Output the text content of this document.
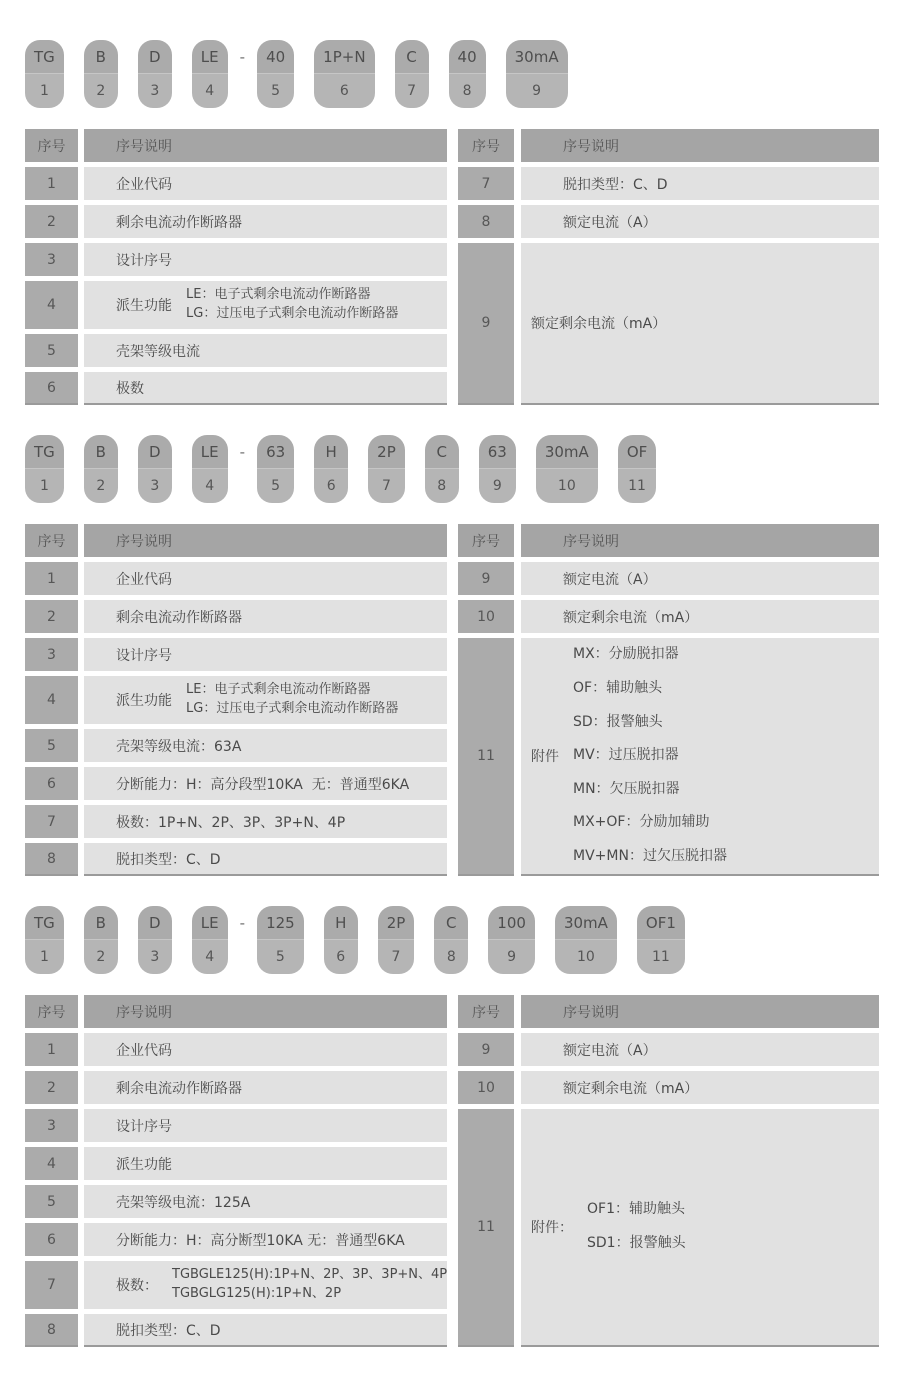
TG
1
B
2
D
3
LE
4
-	40
5
1P+N
6
C
7
40
8
30mA
9
序号	序号说明
1	企业代码
2	剩余电流动作断路器
3	设计序号
4	派生功能
LE：电子式剩余电流动作断路器
LG：过压电子式剩余电流动作断路器
5	壳架等级电流
6	极数
序号	序号说明
7	脱扣类型：C、D
8	额定电流（A）
9	额定剩余电流（mA）
TG
1
B
2
D
3
LE
4
-	63
5
H
6
2P
7
C
8
63
9
30mA
10
OF
11
序号	序号说明
1	企业代码
2	剩余电流动作断路器
3	设计序号
4	派生功能
LE：电子式剩余电流动作断路器
LG：过压电子式剩余电流动作断路器
5	壳架等级电流：63A
6	分断能力：H：高分段型10KA  无：普通型6KA
7	极数：1P+N、2P、3P、3P+N、4P
8	脱扣类型：C、D
序号	序号说明
9	额定电流（A）
10	额定剩余电流（mA）
11	附件
MX：分励脱扣器
OF：辅助触头
SD：报警触头
MV：过压脱扣器
MN：欠压脱扣器
MX+OF：分励加辅助
MV+MN：过欠压脱扣器
TG
1
B
2
D
3
LE
4
-	125
5
H
6
2P
7
C
8
100
9
30mA
10
OF1
11
序号	序号说明
1	企业代码
2	剩余电流动作断路器
3	设计序号
4	派生功能
5	壳架等级电流：125A
6	分断能力：H：高分断型10KA 无：普通型6KA
7	极数：
TGBGLE125(H):1P+N、2P、3P、3P+N、4P
TGBGLG125(H):1P+N、2P
8	脱扣类型：C、D
序号	序号说明
9	额定电流（A）
10	额定剩余电流（mA）
11	附件：
OF1：辅助触头
SD1：报警触头
